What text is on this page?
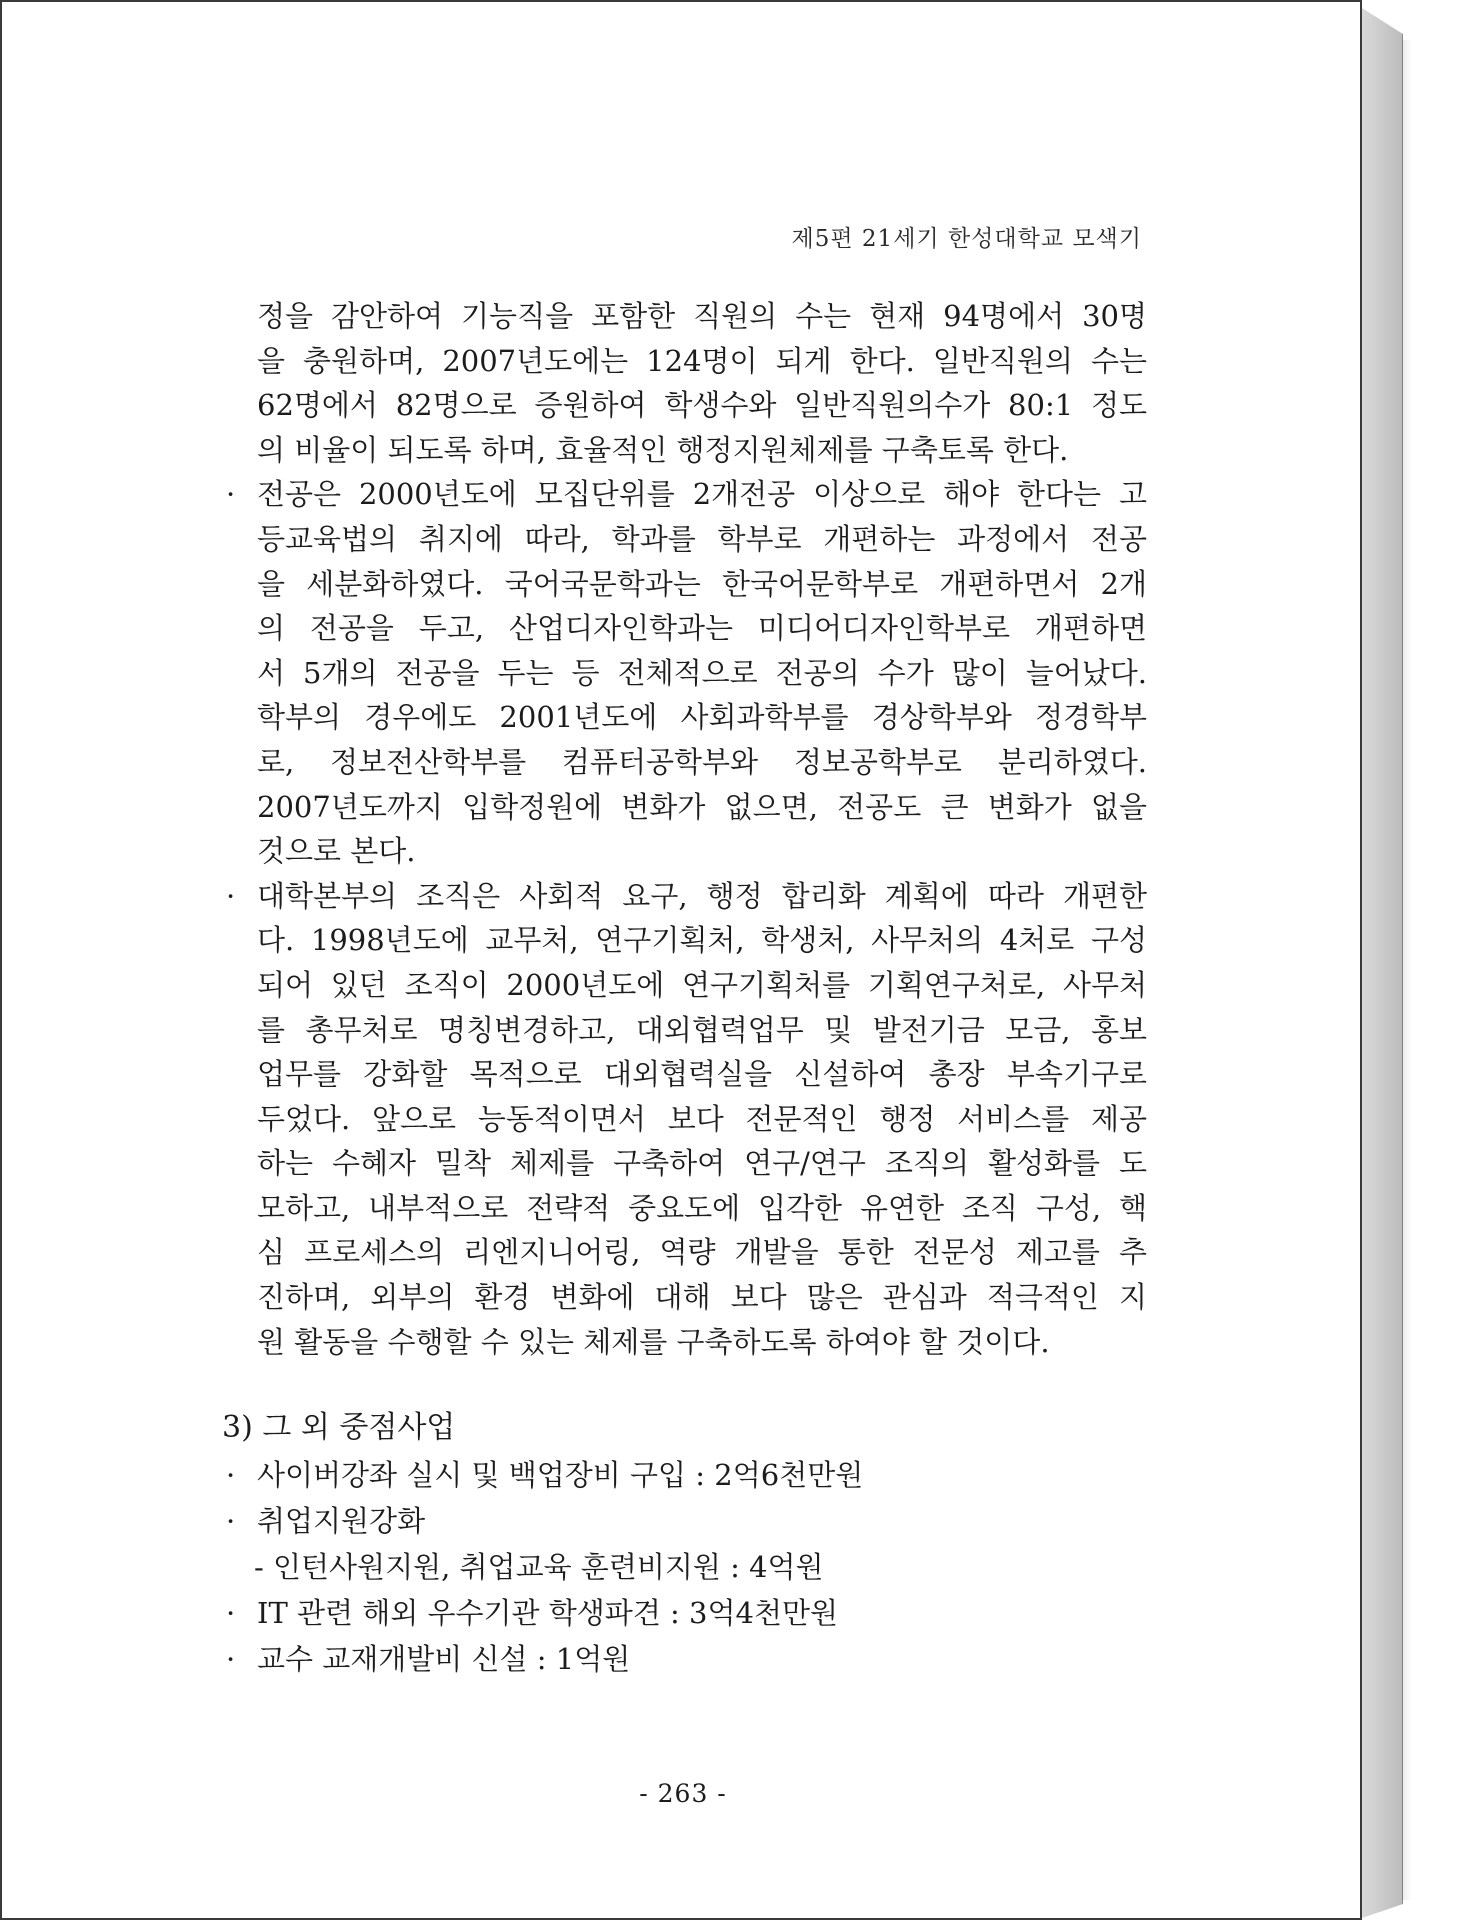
제5편 21세기 한성대학교 모색기
정을 감안하여 기능직을 포함한 직원의 수는 현재 94명에서 30명
을 충원하며, 2007년도에는 124명이 되게 한다. 일반직원의 수는
62명에서 82명으로 증원하여 학생수와 일반직원의수가 80:1 정도
의 비율이 되도록 하며, 효율적인 행정지원체제를 구축토록 한다.
· 전공은 2000년도에 모집단위를 2개전공 이상으로 해야 한다는 고
등교육법의 취지에 따라, 학과를 학부로 개편하는 과정에서 전공
을 세분화하였다. 국어국문학과는 한국어문학부로 개편하면서 2개
의 전공을 두고, 산업디자인학과는 미디어디자인학부로 개편하면
서 5개의 전공을 두는 등 전체적으로 전공의 수가 많이 늘어났다.
학부의 경우에도 2001년도에 사회과학부를 경상학부와 정경학부
로, 정보전산학부를 컴퓨터공학부와 정보공학부로 분리하였다.
2007년도까지 입학정원에 변화가 없으면, 전공도 큰 변화가 없을
것으로 본다.
· 대학본부의 조직은 사회적 요구, 행정 합리화 계획에 따라 개편한
다. 1998년도에 교무처, 연구기획처, 학생처, 사무처의 4처로 구성
되어 있던 조직이 2000년도에 연구기획처를 기획연구처로, 사무처
를 총무처로 명칭변경하고, 대외협력업무 및 발전기금 모금, 홍보
업무를 강화할 목적으로 대외협력실을 신설하여 총장 부속기구로
두었다. 앞으로 능동적이면서 보다 전문적인 행정 서비스를 제공
하는 수혜자 밀착 체제를 구축하여 연구/연구 조직의 활성화를 도
모하고, 내부적으로 전략적 중요도에 입각한 유연한 조직 구성, 핵
심 프로세스의 리엔지니어링, 역량 개발을 통한 전문성 제고를 추
진하며, 외부의 환경 변화에 대해 보다 많은 관심과 적극적인 지
원 활동을 수행할 수 있는 체제를 구축하도록 하여야 할 것이다.
3) 그 외 중점사업
· 사이버강좌 실시 및 백업장비 구입 : 2억6천만원
· 취업지원강화
- 인턴사원지원, 취업교육 훈련비지원 : 4억원
· IT 관련 해외 우수기관 학생파견 : 3억4천만원
· 교수 교재개발비 신설 : 1억원
- 263 -
